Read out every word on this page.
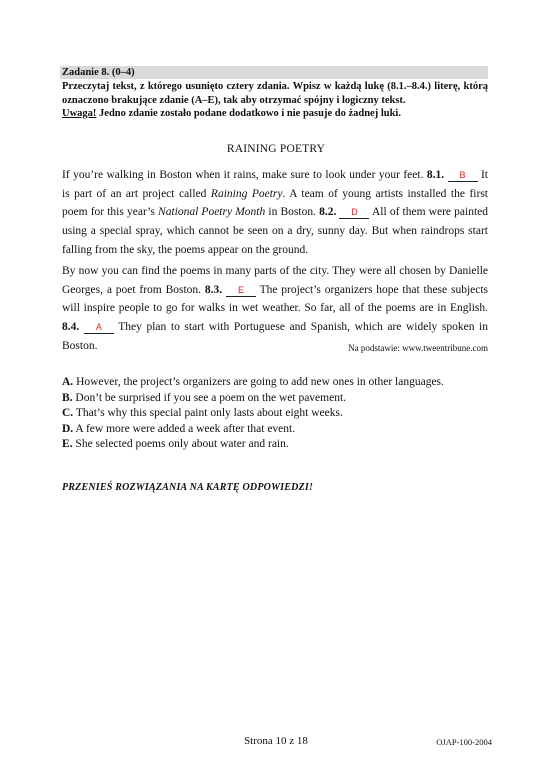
Zadanie 8. (0–4)
Przeczytaj tekst, z którego usunięto cztery zdania. Wpisz w każdą lukę (8.1.–8.4.) literę, którą oznaczono brakujące zdanie (A–E), tak aby otrzymać spójny i logiczny tekst.
Uwaga! Jedno zdanie zostało podane dodatkowo i nie pasuje do żadnej luki.
RAINING POETRY
If you’re walking in Boston when it rains, make sure to look under your feet. 8.1. B It is part of an art project called Raining Poetry. A team of young artists installed the first poem for this year’s National Poetry Month in Boston. 8.2. D All of them were painted using a special spray, which cannot be seen on a dry, sunny day. But when raindrops start falling from the sky, the poems appear on the ground.
By now you can find the poems in many parts of the city. They were all chosen by Danielle Georges, a poet from Boston. 8.3. E The project’s organizers hope that these subjects will inspire people to go for walks in wet weather. So far, all of the poems are in English. 8.4. A They plan to start with Portuguese and Spanish, which are widely spoken in Boston.	Na podstawie: www.tweentribune.com
A. However, the project’s organizers are going to add new ones in other languages.
B. Don’t be surprised if you see a poem on the wet pavement.
C. That’s why this special paint only lasts about eight weeks.
D. A few more were added a week after that event.
E. She selected poems only about water and rain.
PRZENIEŚ ROZWIĄZANIA NA KARTĘ ODPOWIEDZI!
Strona 10 z 18	OJAP-100-2004
